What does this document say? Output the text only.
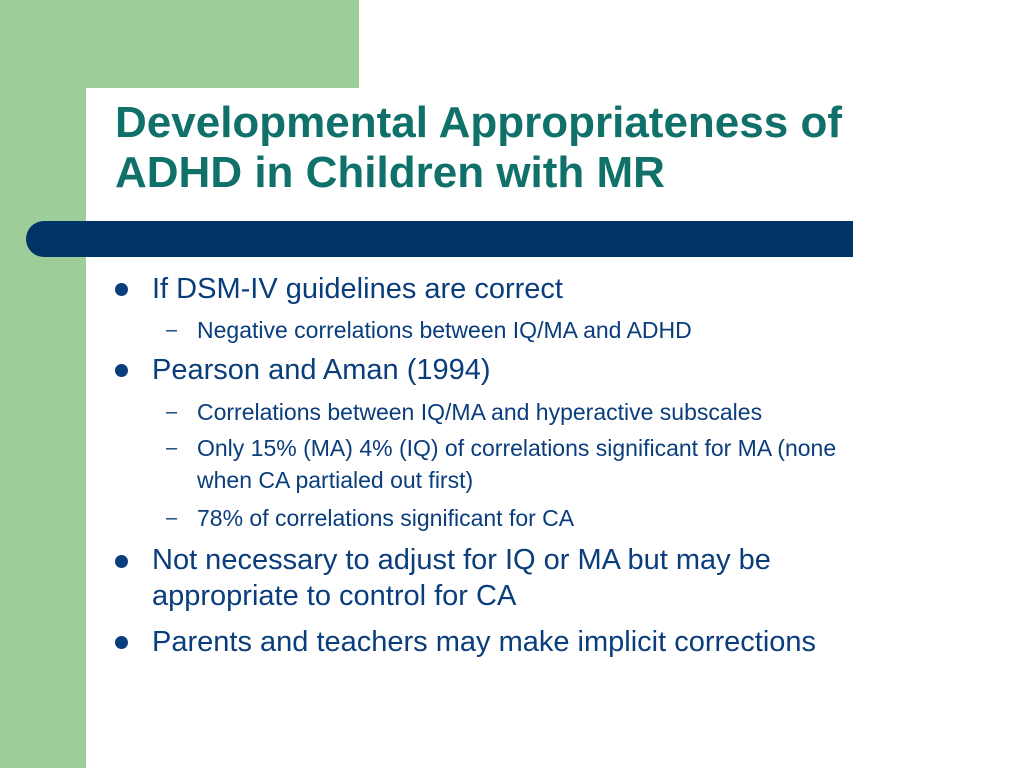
Developmental Appropriateness of
ADHD in Children with MR
If DSM-IV guidelines are correct
– Negative correlations between IQ/MA and ADHD
Pearson and Aman (1994)
– Correlations between IQ/MA and hyperactive subscales
– Only 15% (MA) 4% (IQ) of correlations significant for MA (none
when CA partialed out first)
– 78% of correlations significant for CA
Not necessary to adjust for IQ or MA but may be
appropriate to control for CA
Parents and teachers may make implicit corrections
